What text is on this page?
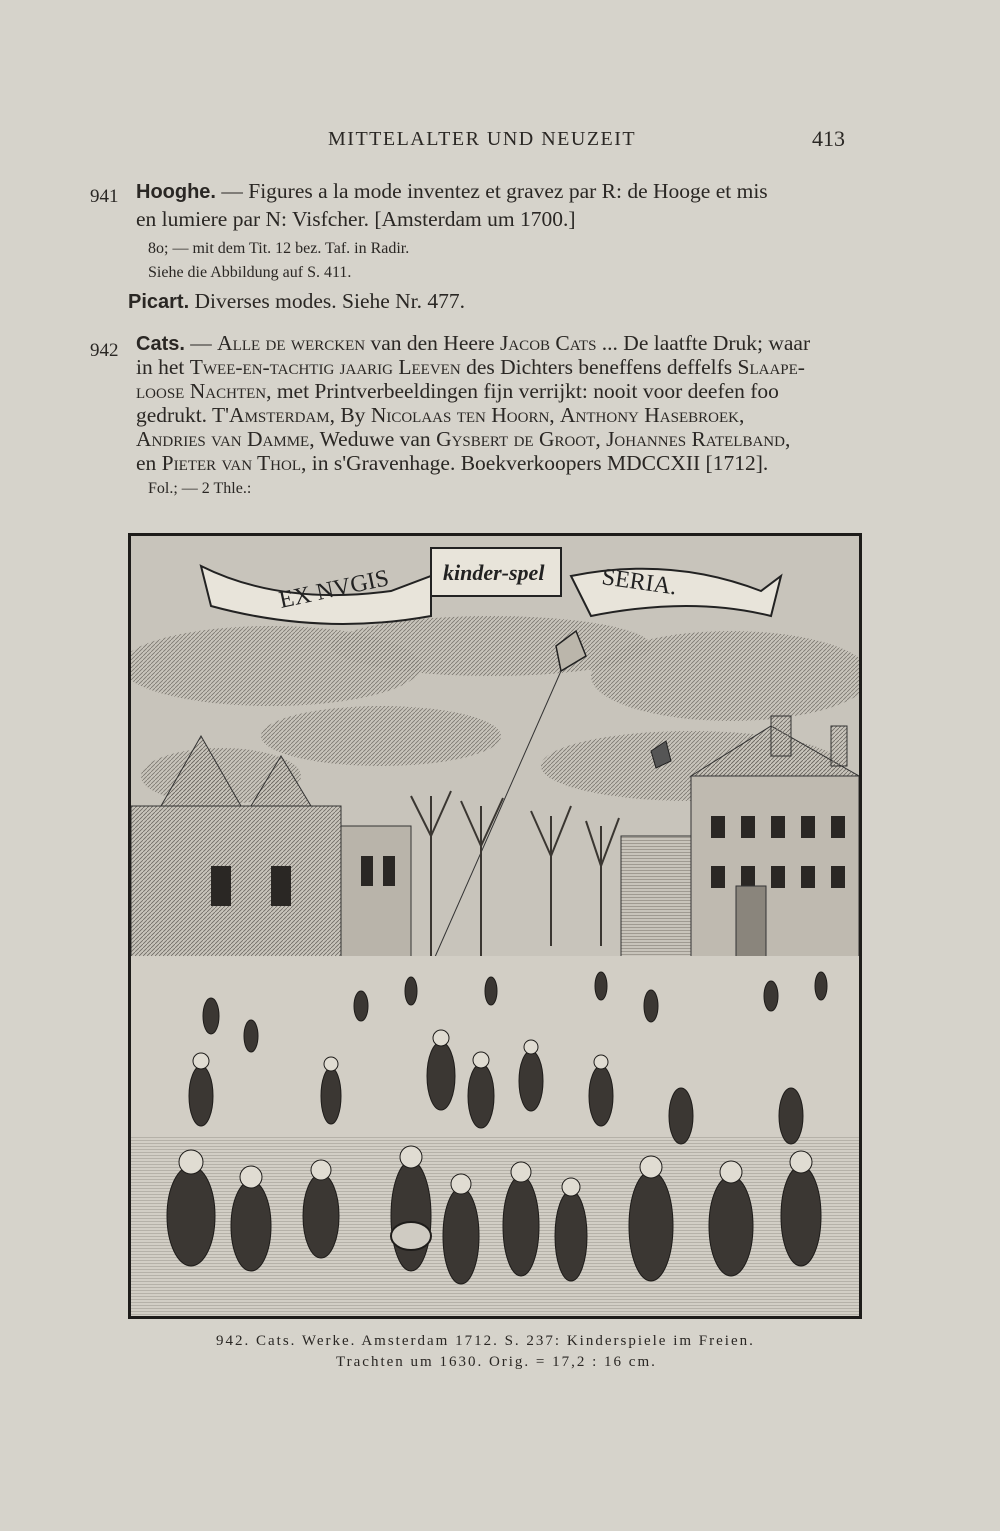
MITTELALTER UND NEUZEIT	413
941 Hooghe. — Figures a la mode inventez et gravez par R: de Hooge et mis
en lumiere par N: Visfcher. [Amsterdam um 1700.]
8o; — mit dem Tit. 12 bez. Taf. in Radir.
Siehe die Abbildung auf S. 411.
Picart. Diverses modes. Siehe Nr. 477.
942 Cats. — Alle de wercken van den Heere Jacob Cats ... De laatfte Druk; waar
in het Twee-en-tachtig jaarig Leeven des Dichters beneffens deffelfs Slaape-
loose Nachten, met Printverbeeldingen fijn verrijkt: nooit voor deefen foo
gedrukt. T'Amsterdam, By Nicolaas ten Hoorn, Anthony Hasebroek,
Andries van Damme, Weduwe van Gysbert de Groot, Johannes Ratelband,
en Pieter van Thol, in s'Gravenhage. Boekverkoopers MDCCXII [1712].
Fol.; — 2 Thle.:
EX NVGIS kinder-spel SERIA.
942. Cats. Werke. Amsterdam 1712. S. 237: Kinderspiele im Freien.
Trachten um 1630. Orig. = 17,2 : 16 cm.
